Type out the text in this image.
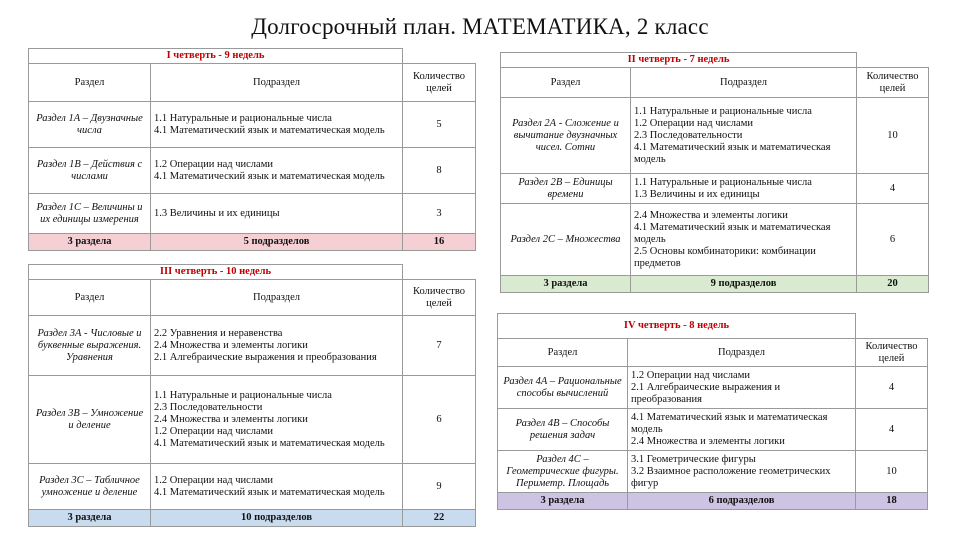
Долгосрочный план. МАТЕМАТИКА, 2 класс
I четверть - 9 недель		
Раздел	Подраздел	Количество целей
Раздел 1А – Двузначные числа	1.1 Натуральные и рациональные числа
4.1 Математический язык и математическая модель	5
Раздел 1В – Действия с числами	1.2 Операции над числами
4.1 Математический язык и математическая модель	8
Раздел 1С – Величины и их единицы измерения	1.3 Величины и их единицы	3
3 раздела	5 подразделов	16
III четверть - 10 недель		
Раздел	Подраздел	Количество целей
Раздел 3А - Числовые и буквенные выражения. Уравнения	2.2 Уравнения и неравенства
2.4 Множества и элементы логики
2.1 Алгебраические выражения и преобразования	7
Раздел 3В – Умножение и деление	1.1 Натуральные и рациональные числа
2.3 Последовательности
2.4 Множества и элементы логики
1.2 Операции над числами
4.1 Математический язык и математическая модель	6
Раздел 3С – Табличное умножение и деление	1.2 Операции над числами
4.1 Математический язык и математическая модель	9
3 раздела	10 подразделов	22
II четверть - 7 недель		
Раздел	Подраздел	Количество целей
Раздел 2А - Сложение и вычитание двузначных чисел. Сотни	1.1 Натуральные и рациональные числа
1.2 Операции над числами
2.3 Последовательности
4.1 Математический язык и математическая модель	10
Раздел 2В – Единицы времени	1.1 Натуральные и рациональные числа
1.3 Величины и их единицы	4
Раздел 2С – Множества	2.4 Множества и элементы логики
4.1 Математический язык и математическая модель
2.5 Основы комбинаторики: комбинации предметов	6
3 раздела	9 подразделов	20
IV четверть - 8 недель		
Раздел	Подраздел	Количество целей
Раздел 4А – Рациональные способы вычислений	1.2 Операции над числами
2.1 Алгебраические выражения и преобразования	4
Раздел 4В – Способы решения задач	4.1 Математический язык и математическая модель
2.4 Множества и элементы логики	4
Раздел 4С – Геометрические фигуры. Периметр. Площадь	3.1 Геометрические фигуры
3.2 Взаимное расположение геометрических фигур	10
3 раздела	6 подразделов	18
